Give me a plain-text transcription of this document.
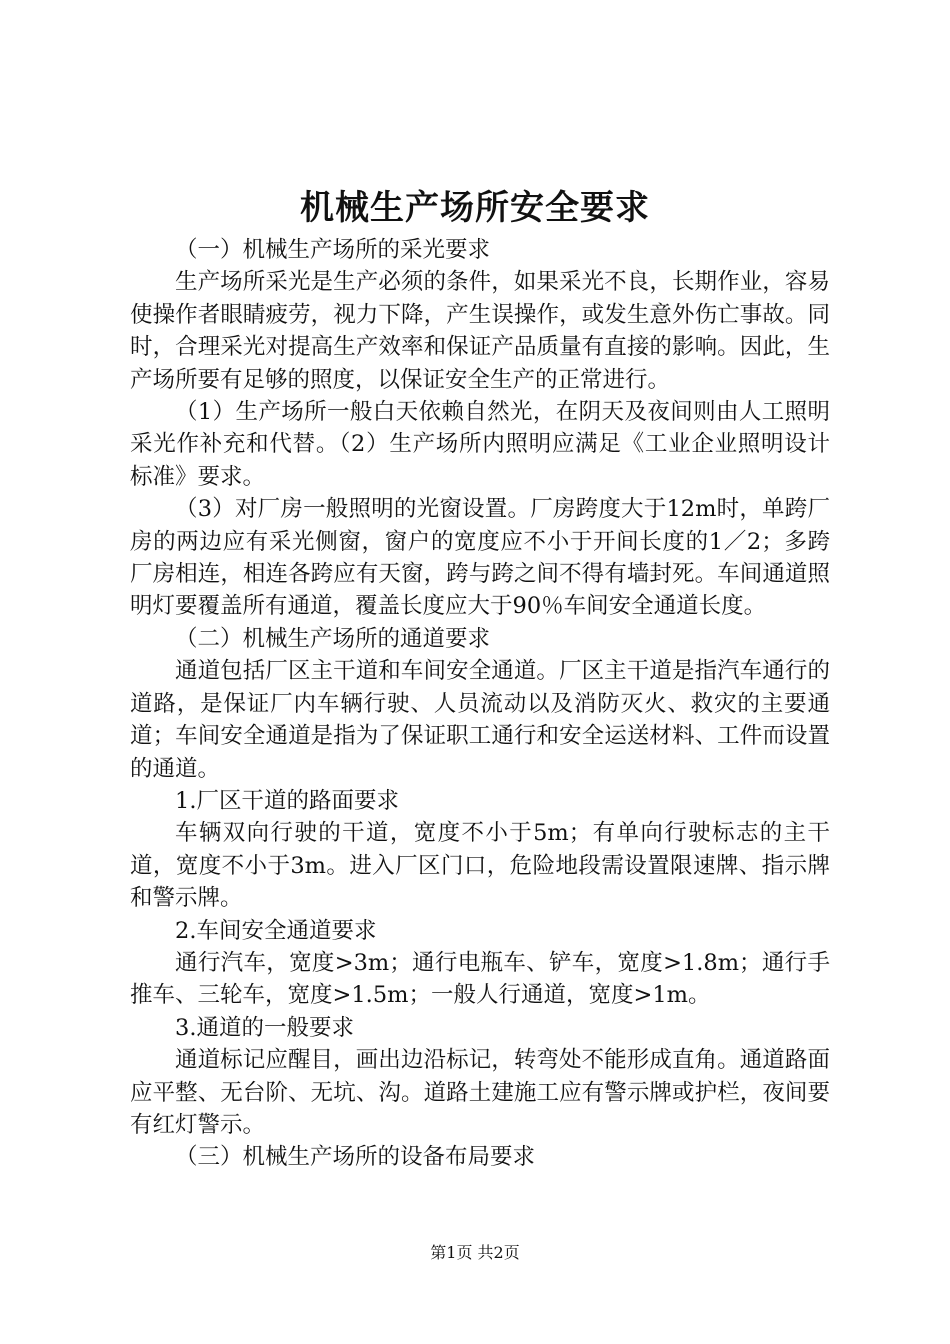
机械生产场所安全要求

（一）机械生产场所的采光要求

生产场所采光是生产必须的条件，如果采光不良，长期作业，容易使操作者眼睛疲劳，视力下降，产生误操作，或发生意外伤亡事故。同时，合理采光对提高生产效率和保证产品质量有直接的影响。因此，生产场所要有足够的照度，以保证安全生产的正常进行。

（1）生产场所一般白天依赖自然光，在阴天及夜间则由人工照明采光作补充和代替。（2）生产场所内照明应满足《工业企业照明设计标准》要求。

（3）对厂房一般照明的光窗设置。厂房跨度大于12m时，单跨厂房的两边应有采光侧窗，窗户的宽度应不小于开间长度的1／2；多跨厂房相连，相连各跨应有天窗，跨与跨之间不得有墙封死。车间通道照明灯要覆盖所有通道，覆盖长度应大于90％车间安全通道长度。

（二）机械生产场所的通道要求

通道包括厂区主干道和车间安全通道。厂区主干道是指汽车通行的道路，是保证厂内车辆行驶、人员流动以及消防灭火、救灾的主要通道；车间安全通道是指为了保证职工通行和安全运送材料、工件而设置的通道。

1.厂区干道的路面要求

车辆双向行驶的干道，宽度不小于5m；有单向行驶标志的主干道，宽度不小于3m。进入厂区门口，危险地段需设置限速牌、指示牌和警示牌。

2.车间安全通道要求

通行汽车，宽度>3m；通行电瓶车、铲车，宽度>1.8m；通行手推车、三轮车，宽度>1.5m；一般人行通道，宽度>1m。

3.通道的一般要求

通道标记应醒目，画出边沿标记，转弯处不能形成直角。通道路面应平整、无台阶、无坑、沟。道路土建施工应有警示牌或护栏，夜间要有红灯警示。

（三）机械生产场所的设备布局要求

第1页 共2页
